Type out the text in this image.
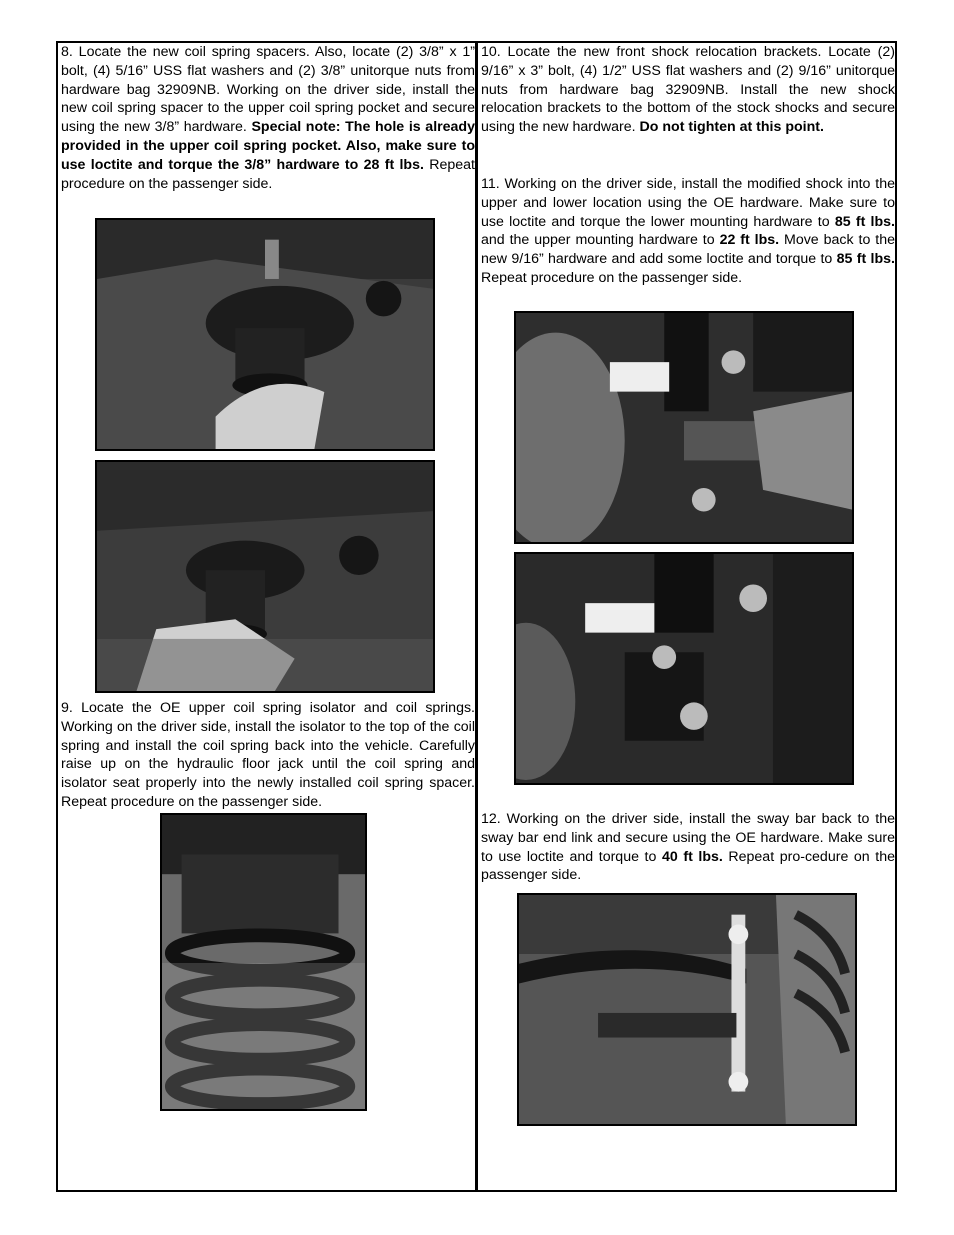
8. Locate the new coil spring spacers. Also, locate (2) 3/8” x 1” bolt, (4) 5/16” USS flat washers and (2) 3/8” unitorque nuts from hardware bag 32909NB. Working on the driver side, install the new coil spring spacer to the upper coil spring pocket and secure using the new 3/8” hardware. Special note: The hole is already provided in the upper coil spring pocket. Also, make sure to use loctite and torque the 3/8” hardware to 28 ft lbs. Repeat procedure on the passenger side.
9. Locate the OE upper coil spring isolator and coil springs. Working on the driver side, install the isolator to the top of the coil spring and install the coil spring back into the vehicle. Carefully raise up on the hydraulic floor jack until the coil spring and isolator seat properly into the newly installed coil spring spacer. Repeat procedure on the passenger side.
10. Locate the new front shock relocation brackets. Locate (2) 9/16” x 3” bolt, (4) 1/2” USS flat washers and (2) 9/16” unitorque nuts from hardware bag 32909NB. Install the new shock relocation brackets to the bottom of the stock shocks and secure using the new hardware. Do not tighten at this point.
11. Working on the driver side, install the modified shock into the upper and lower location using the OE hardware. Make sure to use loctite and torque the lower mounting hardware to 85 ft lbs. and the upper mounting hardware to 22 ft lbs. Move back to the new 9/16” hardware and add some loctite and torque to 85 ft lbs. Repeat procedure on the passenger side.
12. Working on the driver side, install the sway bar back to the sway bar end link and secure using the OE hardware. Make sure to use loctite and torque to 40 ft lbs. Repeat pro-cedure on the passenger side.
